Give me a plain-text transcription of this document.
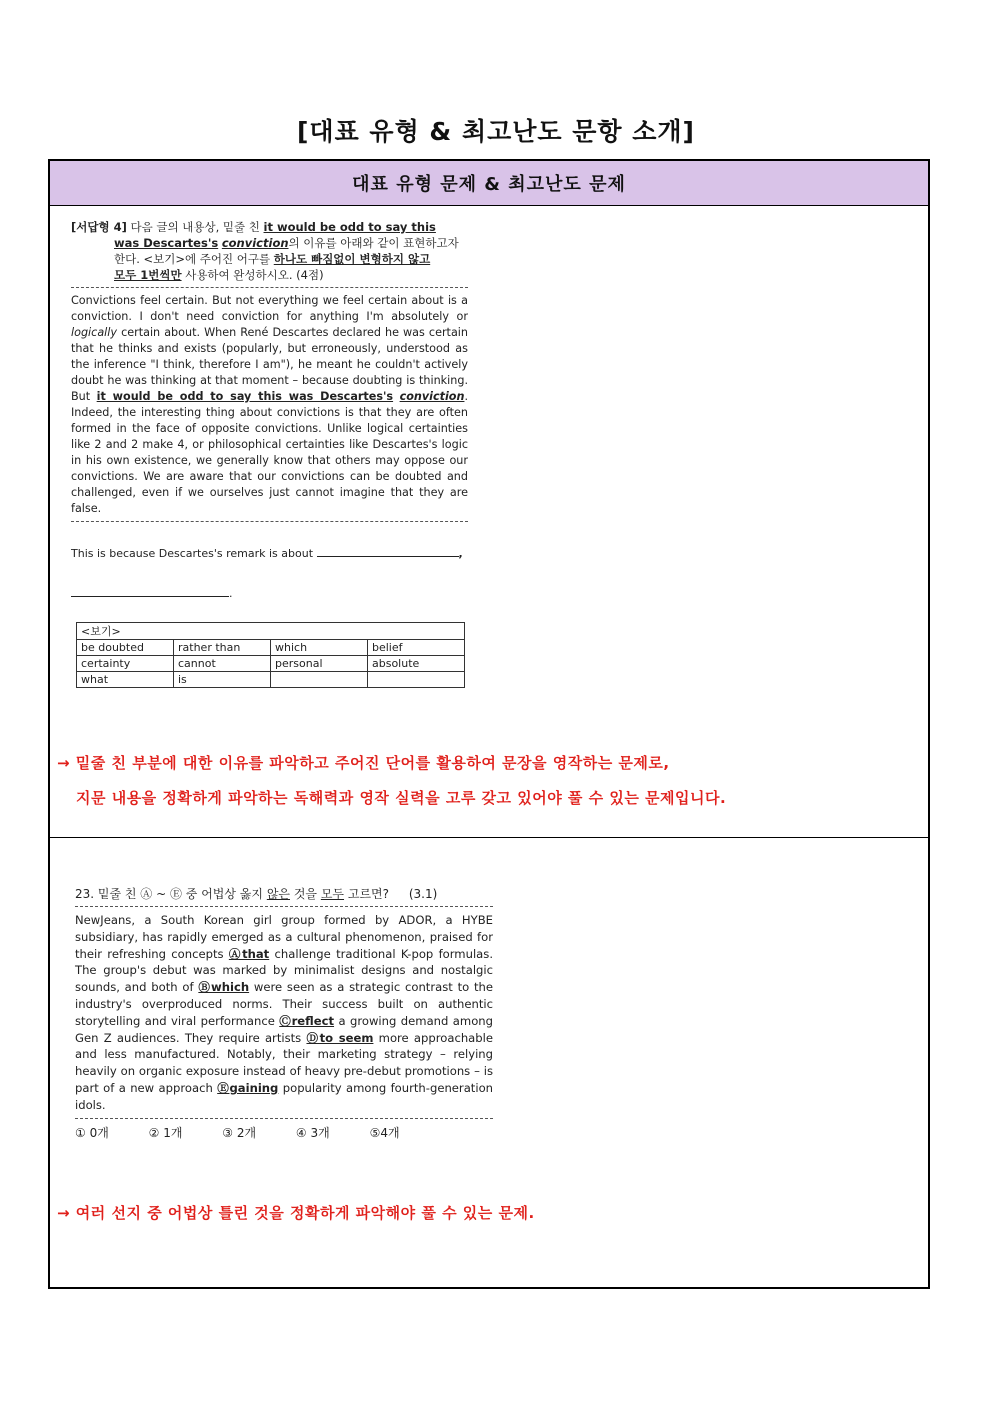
[대표 유형 & 최고난도 문항 소개]
대표 유형 문제 & 최고난도 문제
[서답형 4] 다음 글의 내용상, 밑줄 친 it would be odd to say this
was Descartes's conviction의 이유를 아래와 같이 표현하고자
한다. <보기>에 주어진 어구를 하나도 빠짐없이 변형하지 않고
모두 1번씩만 사용하여 완성하시오. (4점)

Convictions feel certain. But not everything we feel certain about is a conviction. I don't need conviction for anything I'm absolutely or logically certain about. When René Descartes declared he was certain that he thinks and exists (popularly, but erroneously, understood as the inference "I think, therefore I am"), he meant he couldn't actively doubt he was thinking at that moment – because doubting is thinking. But it would be odd to say this was Descartes's conviction. Indeed, the interesting thing about convictions is that they are often formed in the face of opposite convictions. Unlike logical certainties like 2 and 2 make 4, or philosophical certainties like Descartes's logic in his own existence, we generally know that others may oppose our convictions. We are aware that our convictions can be doubted and challenged, even if we ourselves just cannot imagine that they are false.

This is because Descartes's remark is about	,
.
<보기>			
be doubted	rather than	which	belief
certainty	cannot	personal	absolute
what	is		
→ 밑줄 친 부분에 대한 이유를 파악하고 주어진 단어를 활용하여 문장을 영작하는 문제로,
지문 내용을 정확하게 파악하는 독해력과 영작 실력을 고루 갖고 있어야 풀 수 있는 문제입니다.
23. 밑줄 친 Ⓐ ~ Ⓔ 중 어법상 옳지 않은 것을 모두 고르면? (3.1)

NewJeans, a South Korean girl group formed by ADOR, a HYBE subsidiary, has rapidly emerged as a cultural phenomenon, praised for their refreshing concepts Ⓐthat challenge traditional K-pop formulas. The group's debut was marked by minimalist designs and nostalgic sounds, and both of Ⓑwhich were seen as a strategic contrast to the industry's overproduced norms. Their success built on authentic storytelling and viral performance Ⓒreflect a growing demand among Gen Z audiences. They require artists Ⓓto seem more approachable and less manufactured. Notably, their marketing strategy – relying heavily on organic exposure instead of heavy pre-debut promotions – is part of a new approach Ⓔgaining popularity among fourth-generation idols.

① 0개	② 1개	③ 2개	④ 3개	⑤4개
→ 여러 선지 중 어법상 틀린 것을 정확하게 파악해야 풀 수 있는 문제.
